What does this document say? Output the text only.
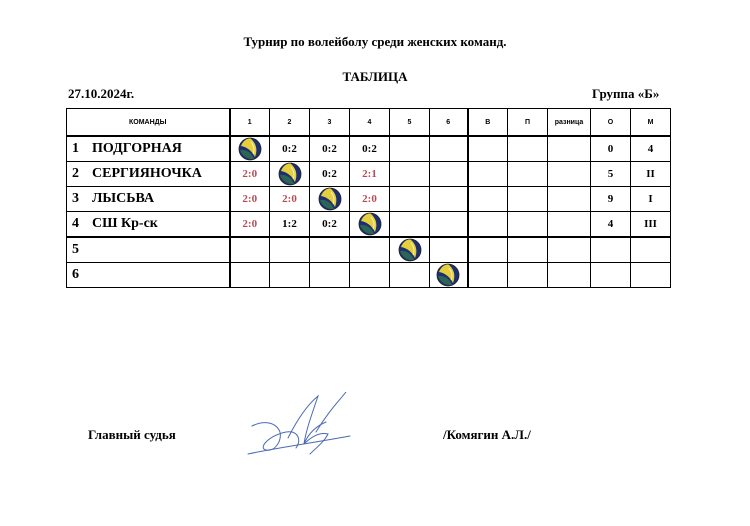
Турнир по волейболу среди женских команд.
ТАБЛИЦА
27.10.2024г.	Группа «Б»
КОМАНДЫ	1	2	3	4	5	6	В	П	разница	О	М
1 ПОДГОРНАЯ		0:2	0:2	0:2						0	4
2 СЕРГИЯНОЧКА	2:0		0:2	2:1						5	II
3 ЛЫСЬВА	2:0	2:0		2:0						9	I
4 СШ Кр-ск	2:0	1:2	0:2							4	III
5											
6											
Главный судья	/Комягин А.Л./
